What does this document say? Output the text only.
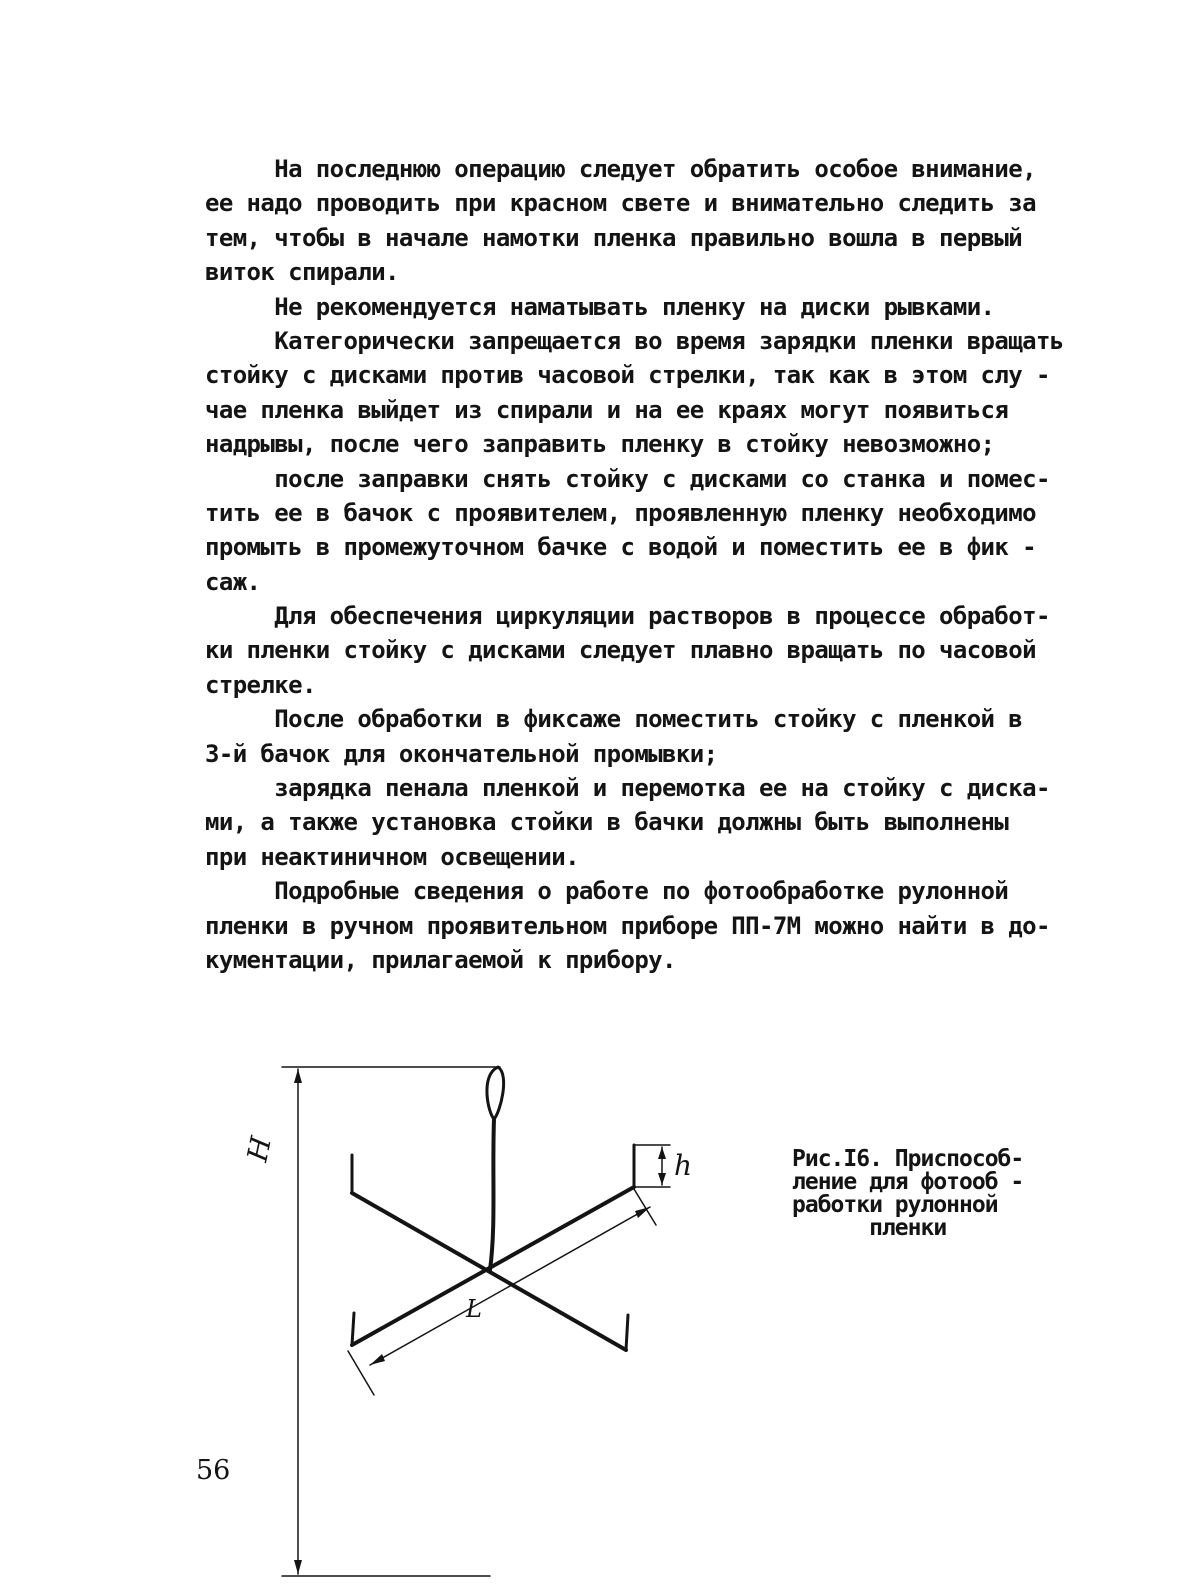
На последнюю операцию следует обратить особое внимание,
ее надо проводить при красном свете и внимательно следить за
тем, чтобы в начале намотки пленка правильно вошла в первый
виток спирали.
Не рекомендуется наматывать пленку на диски рывками.
Категорически запрещается во время зарядки пленки вращать
стойку с дисками против часовой стрелки, так как в этом слу -
чае пленка выйдет из спирали и на ее краях могут появиться
надрывы, после чего заправить пленку в стойку невозможно;
после заправки снять стойку с дисками со станка и помес-
тить ее в бачок с проявителем, проявленную пленку необходимо
промыть в промежуточном бачке с водой и поместить ее в фик -
саж.
Для обеспечения циркуляции растворов в процессе обработ-
ки пленки стойку с дисками следует плавно вращать по часовой
стрелке.
После обработки в фиксаже поместить стойку с пленкой в
3-й бачок для окончательной промывки;
зарядка пенала пленкой и перемотка ее на стойку с диска-
ми, а также установка стойки в бачки должны быть выполнены
при неактиничном освещении.
Подробные сведения о работе по фотообработке рулонной
пленки в ручном проявительном приборе ПП-7М можно найти в до-
кументации, прилагаемой к прибору.
H	h
L
Рис.I6. Приспособ-
ление для фотооб -
работки рулонной
пленки
56
